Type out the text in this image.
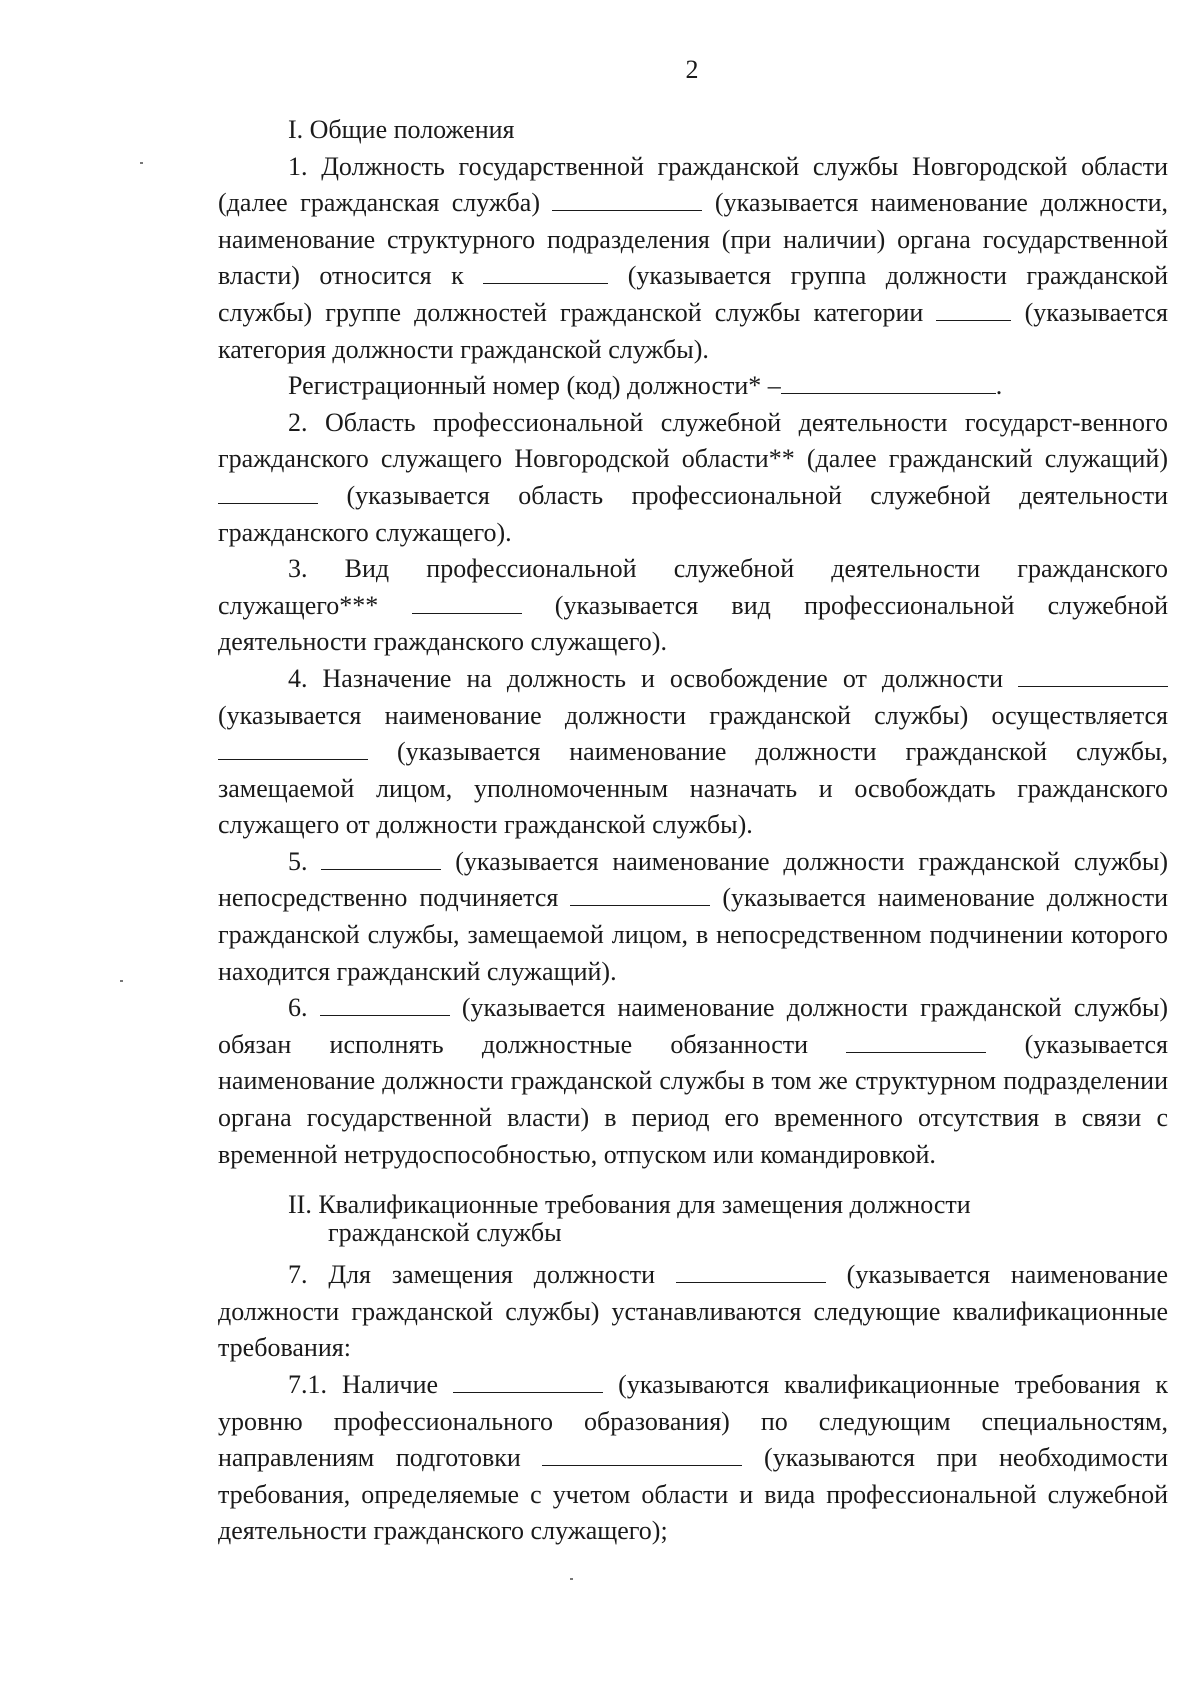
2

I. Общие положения

1. Должность государственной гражданской службы Новгородской области (далее гражданская служба)	(указывается наименование должности, наименование структурного подразделения (при наличии) органа государственной власти) относится к	(указывается группа должности гражданской службы) группе должностей гражданской службы категории	(указывается категория должности гражданской службы).

Регистрационный номер (код) должности* –	.

2. Область профессиональной служебной деятельности государст-венного гражданского служащего Новгородской области** (далее гражданский служащий)  (указывается область профессиональной служебной деятельности гражданского служащего).

3. Вид профессиональной служебной деятельности гражданского служащего***	(указывается вид профессиональной служебной деятельности гражданского служащего).

4. Назначение на должность и освобождение от должности  (указывается наименование должности гражданской службы) осуществляется  (указывается наименование должности гражданской службы, замещаемой лицом, уполномоченным назначать и освобождать гражданского служащего от должности гражданской службы).

5.	(указывается наименование должности гражданской службы) непосредственно подчиняется	(указывается наименование должности гражданской службы, замещаемой лицом, в непосредственном подчинении которого находится гражданский служащий).

6.	(указывается наименование должности гражданской службы) обязан исполнять должностные обязанности	(указывается наименование должности гражданской службы в том же структурном подразделении органа государственной власти) в период его временного отсутствия в связи с временной нетрудоспособностью, отпуском или командировкой.

II. Квалификационные требования для замещения должности
гражданской службы

7. Для замещения должности	(указывается наименование должности гражданской службы) устанавливаются следующие квалификационные требования:

7.1. Наличие	(указываются квалификационные требования к уровню профессионального образования) по следующим специальностям, направлениям подготовки	(указываются при необходимости требования, определяемые с учетом области и вида профессиональной служебной деятельности гражданского служащего);
